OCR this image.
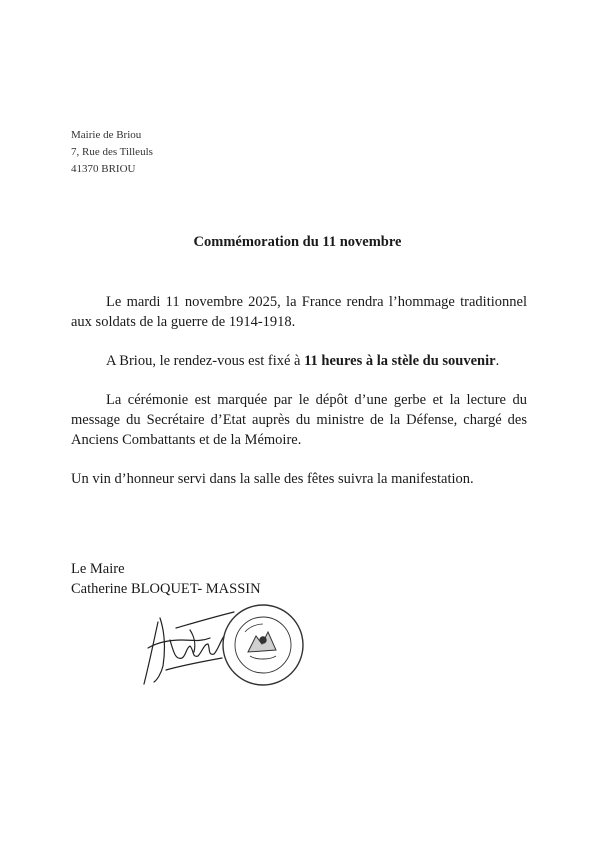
Mairie de Briou
7, Rue des Tilleuls
41370 BRIOU
Commémoration du 11 novembre

Le mardi 11 novembre 2025, la France rendra l’hommage traditionnel aux soldats de la guerre de 1914-1918.

A Briou, le rendez-vous est fixé à 11 heures à la stèle du souvenir.

La cérémonie est marquée par le dépôt d’une gerbe et la lecture du message du Secrétaire d’Etat auprès du ministre de la Défense, chargé des Anciens Combattants et de la Mémoire.

Un vin d’honneur servi dans la salle des fêtes suivra la manifestation.

Le Maire
Catherine BLOQUET- MASSIN
